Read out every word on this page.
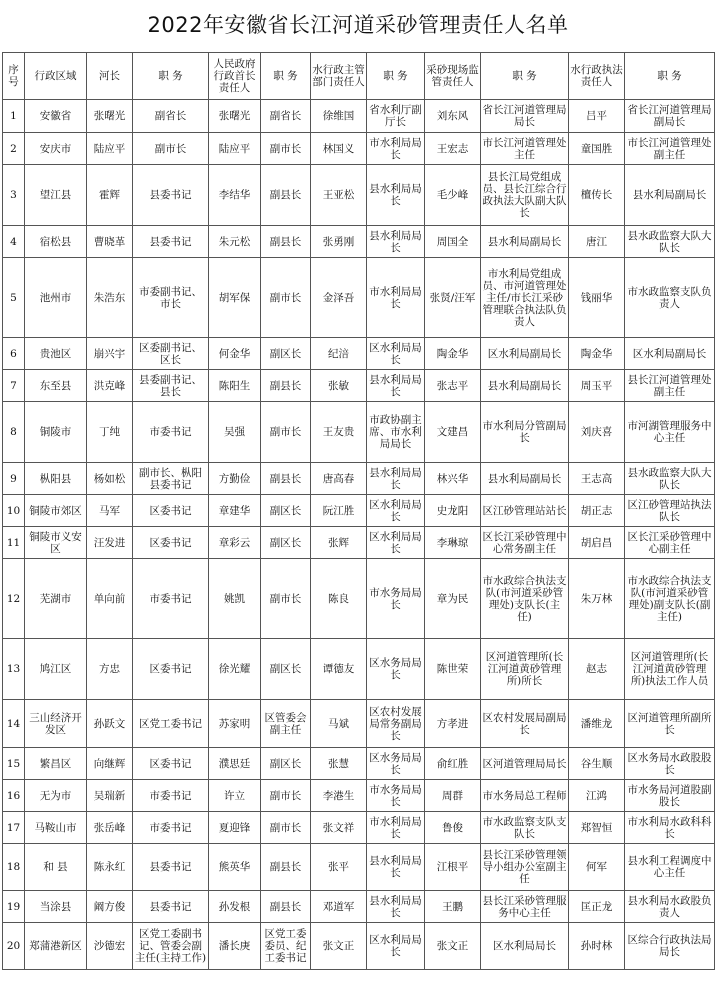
2022年安徽省长江河道采砂管理责任人名单
序号	行政区域	河长	职 务	人民政府行政首长责任人	职 务	水行政主管部门责任人	职 务	采砂现场监管责任人	职 务	水行政执法责任人	职 务
1	安徽省	张曙光	副省长	张曙光	副省长	徐维国	省水利厅副厅长	刘东风	省长江河道管理局局长	吕平	省长江河道管理局副局长
2	安庆市	陆应平	副市长	陆应平	副市长	林国义	市水利局局长	王宏志	市长江河道管理处主任	童国胜	市长江河道管理处副主任
3	望江县	霍辉	县委书记	李结华	副县长	王亚松	县水利局局长	毛少峰	县长江局党组成员、县长江综合行政执法大队副大队长	檀传长	县水利局副局长
4	宿松县	曹晓革	县委书记	朱元松	副县长	张勇刚	县水利局局长	周国全	县水利局副局长	唐江	县水政监察大队大队长
5	池州市	朱浩东	市委副书记、市长	胡军保	副市长	金泽吾	市水利局局长	张贤/汪军	市水利局党组成员、市河道管理处主任/市长江采砂管理联合执法队负责人	钱丽华	市水政监察支队负责人
6	贵池区	崩兴宇	区委副书记、区长	何金华	副区长	纪涪	区水利局局长	陶金华	区水利局副局长	陶金华	区水利局副局长
7	东至县	洪克峰	县委副书记、县长	陈阳生	副县长	张敏	县水利局局长	张志平	县水利局副局长	周玉平	县长江河道管理处副主任
8	铜陵市	丁纯	市委书记	吴强	副市长	王友贵	市政协副主席、市水利局局长	文建昌	市水利局分管副局长	刘庆喜	市河湖管理服务中心主任
9	枞阳县	杨如松	副市长、枞阳县委书记	方勤俭	副县长	唐高春	县水利局局长	林兴华	县水利局副局长	王志高	县水政监察大队大队长
10	铜陵市郊区	马军	区委书记	章建华	副区长	阮江胜	区水利局局长	史龙阳	区江砂管理站站长	胡正志	区江砂管理站执法队长
11	铜陵市义安区	汪发进	区委书记	章彩云	副区长	张辉	区水利局局长	李琳琼	区长江采砂管理中心常务副主任	胡启昌	区长江采砂管理中心副主任
12	芜湖市	单向前	市委书记	姚凯	副市长	陈良	市水务局局长	章为民	市水政综合执法支队(市河道采砂管理处)支队长(主任)	朱万林	市水政综合执法支队(市河道采砂管理处)副支队长(副主任)
13	鸠江区	方忠	区委书记	徐光耀	副区长	谭德友	区水务局局长	陈世荣	区河道管理所(长江河道黄砂管理所)所长	赵志	区河道管理所(长江河道黄砂管理所)执法工作人员
14	三山经济开发区	孙跃文	区党工委书记	苏家明	区管委会副主任	马斌	区农村发展局常务副局长	方孝进	区农村发展局副局长	潘维龙	区河道管理所副所长
15	繁昌区	向继辉	区委书记	濮思廷	副区长	张慧	区水务局局长	俞红胜	区河道管理局局长	谷生顺	区水务局水政股股长
16	无为市	吴瑞新	市委书记	许立	副市长	李港生	市水务局局长	周群	市水务局总工程师	江鸿	市水务局河道股副股长
17	马鞍山市	张岳峰	市委书记	夏迎锋	副市长	张文祥	市水利局局长	鲁俊	市水政监察支队支队长	郑智恒	市水利局水政科科长
18	和 县	陈永红	县委书记	熊英华	副县长	张平	县水利局局长	江根平	县长江采砂管理领导小组办公室副主任	何军	县水利工程调度中心主任
19	当涂县	阚方俊	县委书记	孙发根	副县长	邓道军	县水利局局长	王鹏	县长江采砂管理服务中心主任	匡正龙	县水利局水政股负责人
20	郑蒲港新区	沙德宏	区党工委副书记、管委会副主任(主持工作)	潘长庚	区党工委委员、纪工委书记	张文正	区水利局局长	张文正	区水利局局长	孙时林	区综合行政执法局局长
